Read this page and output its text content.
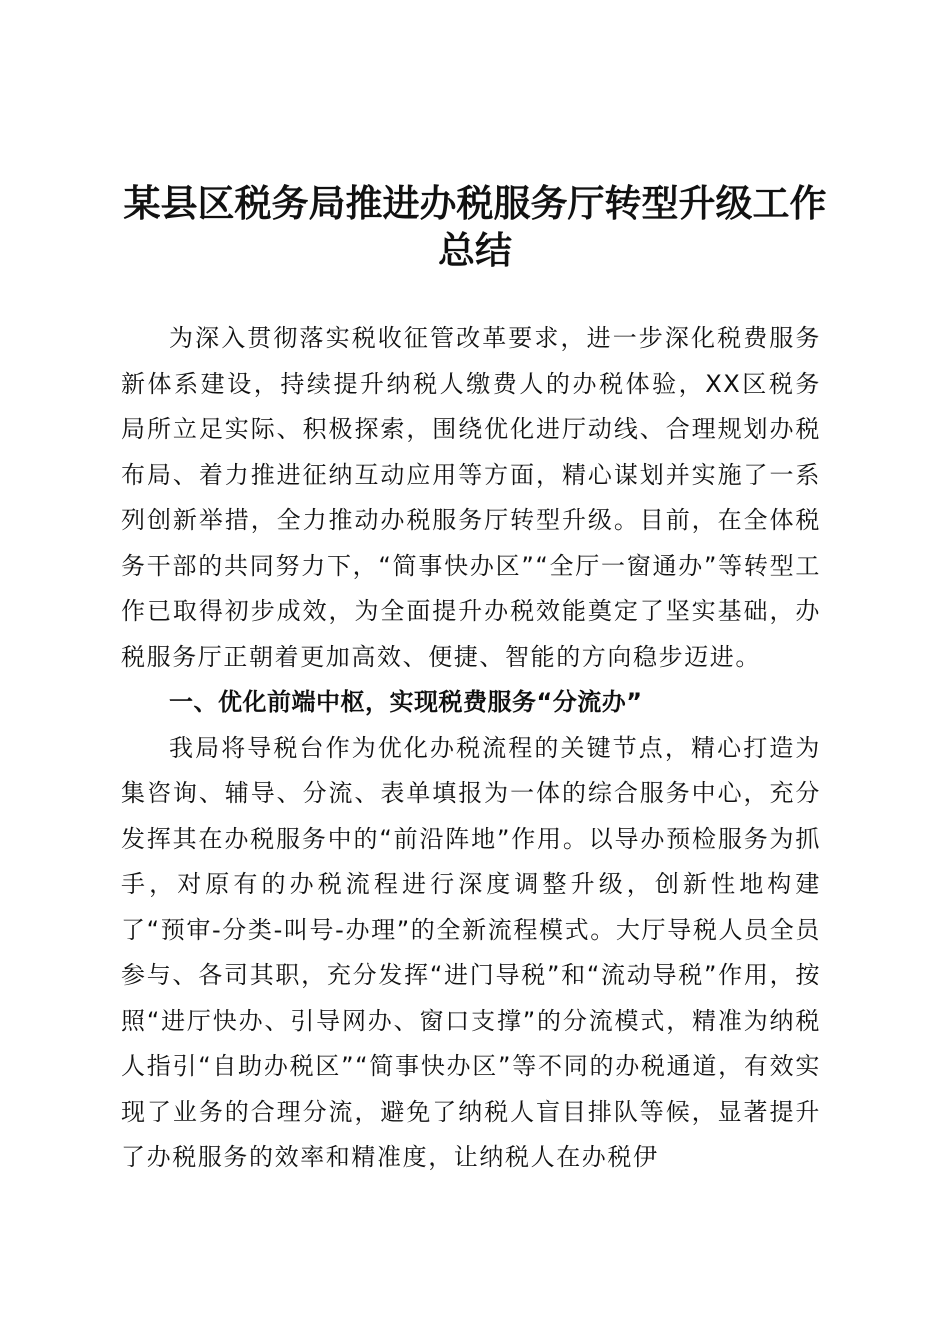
某县区税务局推进办税服务厅转型升级工作总结

为深入贯彻落实税收征管改革要求，进一步深化税费服务新体系建设，持续提升纳税人缴费人的办税体验，XX区税务局所立足实际、积极探索，围绕优化进厅动线、合理规划办税布局、着力推进征纳互动应用等方面，精心谋划并实施了一系列创新举措，全力推动办税服务厅转型升级。目前，在全体税务干部的共同努力下，“简事快办区”“全厅一窗通办”等转型工作已取得初步成效，为全面提升办税效能奠定了坚实基础，办税服务厅正朝着更加高效、便捷、智能的方向稳步迈进。

一、优化前端中枢，实现税费服务“分流办”

我局将导税台作为优化办税流程的关键节点，精心打造为集咨询、辅导、分流、表单填报为一体的综合服务中心，充分发挥其在办税服务中的“前沿阵地”作用。以导办预检服务为抓手，对原有的办税流程进行深度调整升级，创新性地构建了“预审-分类-叫号-办理”的全新流程模式。大厅导税人员全员参与、各司其职，充分发挥“进门导税”和“流动导税”作用，按照“进厅快办、引导网办、窗口支撑”的分流模式，精准为纳税人指引“自助办税区”“简事快办区”等不同的办税通道，有效实现了业务的合理分流，避免了纳税人盲目排队等候，显著提升了办税服务的效率和精准度，让纳税人在办税伊
